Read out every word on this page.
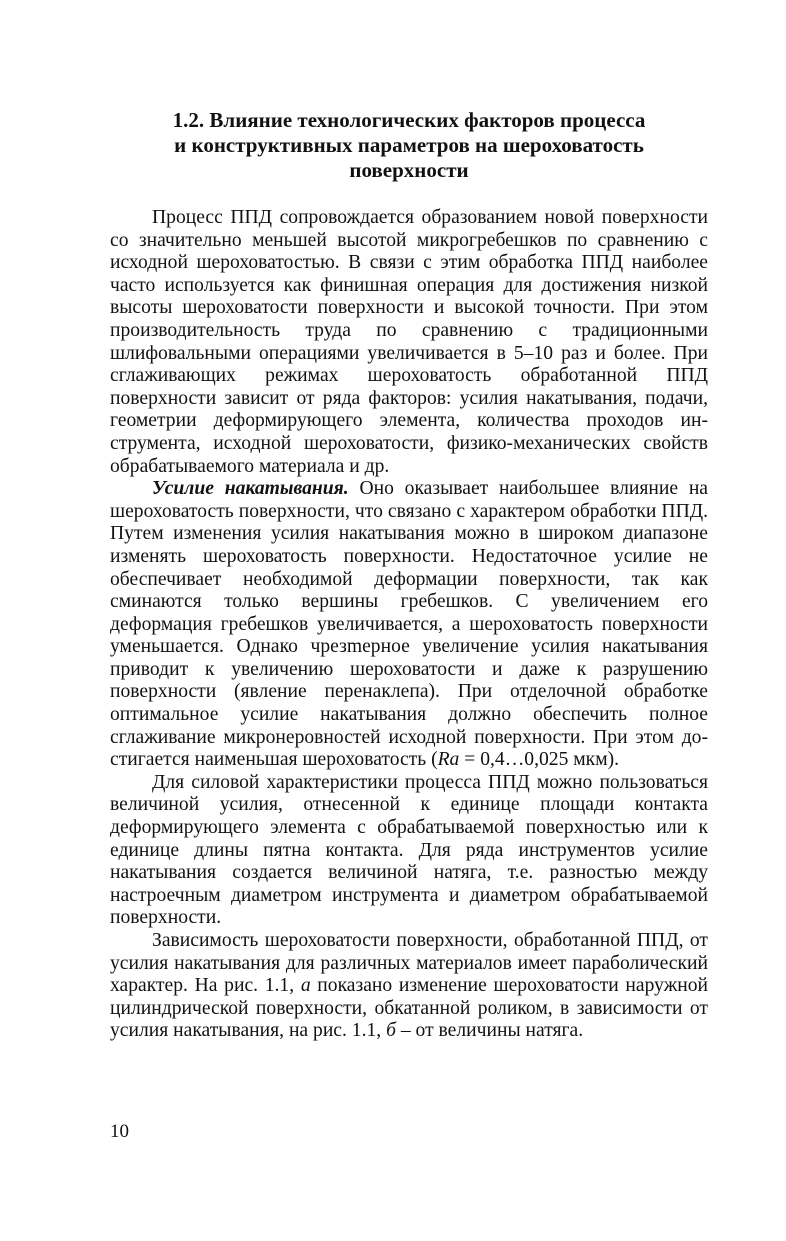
1.2. Влияние технологических факторов процесса
и конструктивных параметров на шероховатость
поверхности

Процесс ППД сопровождается образованием новой поверхности со значительно меньшей высотой микрогребешков по сравнению с исходной шероховатостью. В связи с этим обработка ППД наиболее часто используется как финишная операция для достижения низкой высоты шероховатости поверхности и высокой точности. При этом производительность труда по сравнению с традиционными шлифовальными операциями увеличивается в 5–10 раз и более. При сглаживающих режимах шероховатость обработанной ППД поверхности зависит от ряда факторов: усилия накатывания, подачи, геометрии деформирующего элемента, количества проходов инструмента, исходной шероховатости, физико-механических свойств обрабатываемого материала и др.

Усилие накатывания. Оно оказывает наибольшее влияние на шероховатость поверхности, что связано с характером обработки ППД. Путем изменения усилия накатывания можно в широком диапазоне изменять шероховатость поверхности. Недостаточное усилие не обеспечивает необходимой деформации поверхности, так как сминаются только вершины гребешков. С увеличением его деформация гребешков увеличивается, а шероховатость поверхности уменьшается. Однако чрезmерное увеличение усилия накатывания приводит к увеличению шероховатости и даже к разрушению поверхности (явление перенаклепа). При отделочной обработке оптимальное усилие накатывания должно обеспечить полное сглаживание микронеровностей исходной поверхности. При этом достигается наименьшая шероховатость (Ra = 0,4…0,025 мкм).

Для силовой характеристики процесса ППД можно пользоваться величиной усилия, отнесенной к единице площади контакта деформирующего элемента с обрабатываемой поверхностью или к единице длины пятна контакта. Для ряда инструментов усилие накатывания создается величиной натяга, т.е. разностью между настроечным диаметром инструмента и диаметром обрабатываемой поверхности.

Зависимость шероховатости поверхности, обработанной ППД, от усилия накатывания для различных материалов имеет параболический характер. На рис. 1.1, а показано изменение шероховатости наружной цилиндрической поверхности, обкатанной роликом, в зависимости от усилия накатывания, на рис. 1.1, б – от величины натяга.

10
